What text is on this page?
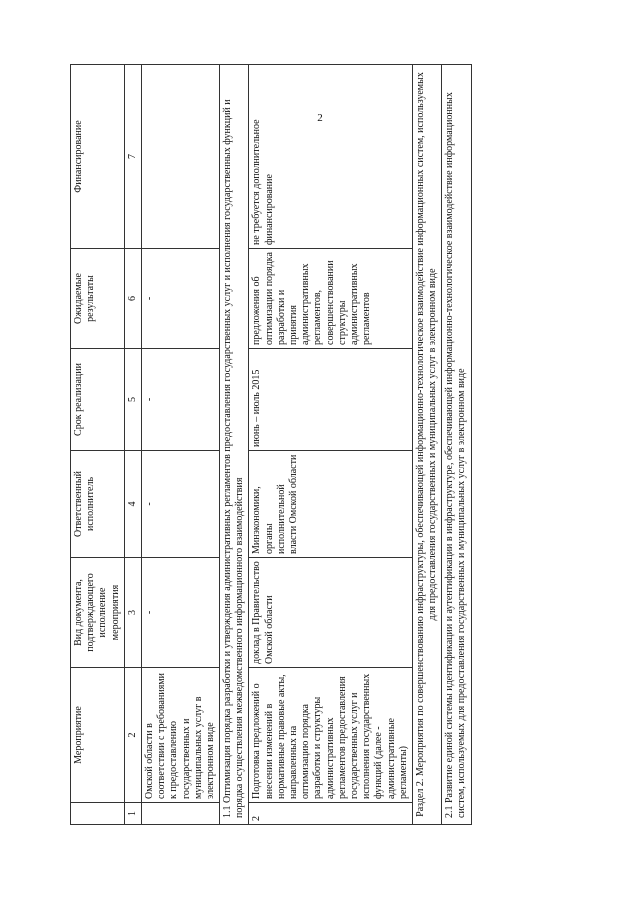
2
	Мероприятие	Вид документа, подтверждающего исполнение мероприятия	Ответственный исполнитель	Срок реализации	Ожидаемые результаты	Финансирование
1	2	3	4	5	6	7
	Омской области в соответствии с требованиями к предоставлению государственных и муниципальных услуг в электронном виде	-	-	-	-	
1.1 Оптимизация порядка разработки и утверждения административных регламентов предоставления государственных услуг и исполнения государственных функций и порядка осуществления межведомственного информационного взаимодействия						
2	Подготовка предложений о внесении изменений в нормативные правовые акты, направленных на оптимизацию порядка разработки и структуры административных регламентов предоставления государственных услуг и исполнения государственных функций (далее - административные регламенты)	доклад в Правительство Омской области	Минэкономики, органы исполнительной власти Омской области	июнь – июль 2015	предложения об оптимизации порядка разработки и принятия административных регламентов, совершенствовании структуры административных регламентов	не требуется дополнительное финансирование
Раздел 2. Мероприятия по совершенствованию инфраструктуры, обеспечивающей информационно-технологическое взаимодействие информационных систем, используемых для предоставления государственных и муниципальных услуг в электронном виде						
2.1 Развитие единой системы идентификации и аутентификации в инфраструктуре, обеспечивающей информационно-технологическое взаимодействие информационных систем, используемых для предоставления государственных и муниципальных услуг в электронном виде						
